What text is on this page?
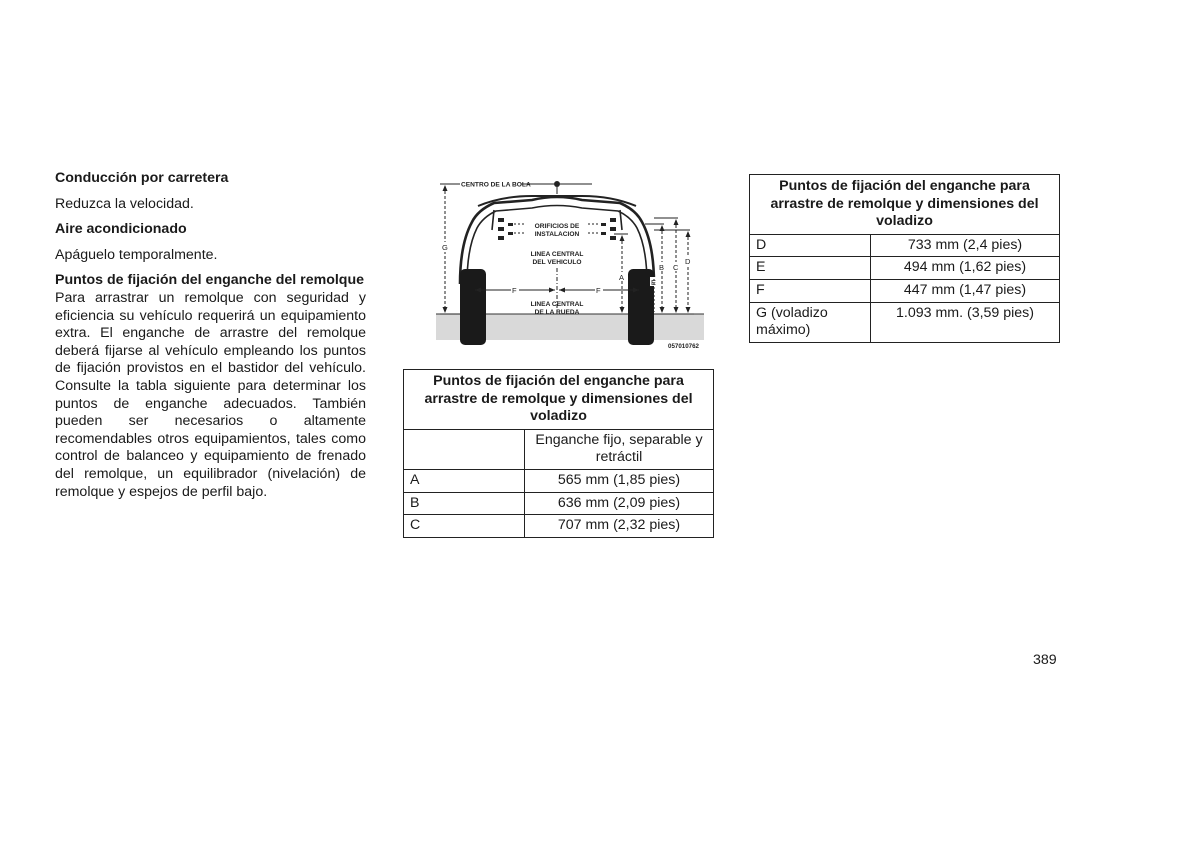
Conducción por carretera

Reduzca la velocidad.

Aire acondicionado

Apáguelo temporalmente.

Puntos de fijación del enganche del remolque

Para arrastrar un remolque con seguridad y eficiencia su vehículo requerirá un equipamiento extra. El enganche de arrastre del remolque deberá fijarse al vehículo empleando los puntos de fijación provistos en el bastidor del vehículo. Consulte la tabla siguiente para determinar los puntos de enganche adecuados. También pueden ser necesarios o altamente recomendables otros equipamientos, tales como control de balanceo y equipamiento de frenado del remolque, un equilibrador (nivelación) de remolque y espejos de perfil bajo.

CENTRO DE LA BOLA
G
ORIFICIOS DE
INSTALACION
LINEA CENTRAL
DEL VEHICULO
F	F
LINEA CENTRAL
DE LA RUEDA
A
B C
D
E
057010762
Puntos de fijación del enganche para arrastre de remolque y dimensiones del voladizo	
	Enganche fijo, separable y retráctil
A	565 mm (1,85 pies)
B	636 mm (2,09 pies)
C	707 mm (2,32 pies)
Puntos de fijación del enganche para arrastre de remolque y dimensiones del voladizo	
D	733 mm (2,4 pies)
E	494 mm (1,62 pies)
F	447 mm (1,47 pies)
G (voladizo máximo)	1.093 mm. (3,59 pies)
389
